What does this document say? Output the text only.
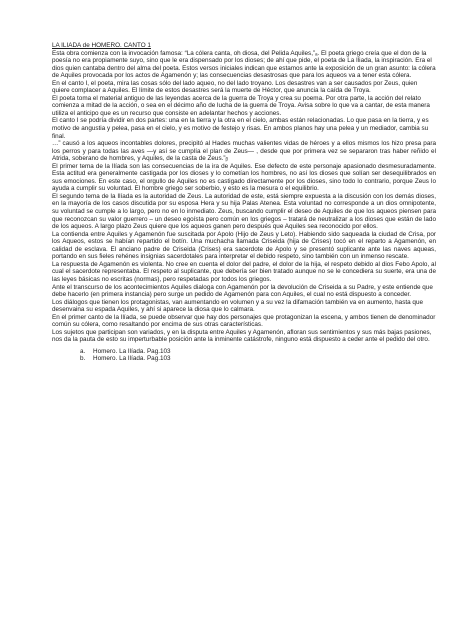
LA ILIADA de HOMERO. CANTO 1

Esta obra comienza con la invocación famosa: “La cólera canta, oh diosa, del Pelida Aquiles,”ₐ. El poeta griego creía que el don de la poesía no era propiamente suyo, sino que le era dispensado por los dioses; de ahí que pide, el poeta de La Iliada, la inspiración. Era el dios quien cantaba dentro del alma del poeta. Estos versos iniciales indican que estamos ante la exposición de un gran asunto: la cólera de Aquiles provocada por los actos de Agamenón y; las consecuencias desastrosas que para los aqueos va a tener esta cólera.

En el canto I, el poeta, mira las cosas sólo del lado aqueo, no del lado troyano. Los desastres van a ser causados por Zeus, quien quiere complacer a Aquiles. El límite de estos desastres será la muerte de Héctor, que anuncia la caída de Troya.

El poeta toma el material antiguo de las leyendas acerca de la guerra de Troya y crea su poema. Por otra parte, la acción del relato comienza a mitad de la acción, o sea en el décimo año de lucha de la guerra de Troya. Avisa sobre lo que va a cantar, de esta manera utiliza el anticipo que es un recurso que consiste en adelantar hechos y acciones.

El canto I se podría dividir en dos partes: una en la tierra y la otra en el cielo, ambas están relacionadas. Lo que pasa en la tierra, y es motivo de angustia y pelea, pasa en el cielo, y es motivo de festejo y risas. En ambos planos hay una pelea y un mediador, cambia su final.

…” causó a los aqueos incontables dolores, precipitó al Hades muchas valientes vidas de héroes y a ellos mismos los hizo presa para los perros y para todas las aves —y así se cumplía el plan de Zeus— , desde que por primera vez se separaron tras haber reñido el Atrida, soberano de hombres, y Aquiles, de la casta de Zeus.”ᵦ

El primer tema de la Ilíada son las consecuencias de la ira de Aquiles. Ese defecto de este personaje apasionado desmesuradamente. Esta actitud era generalmente castigada por los dioses y lo cometían los hombres, no así los dioses que solían ser desequilibrados en sus emociones. En este caso, el orgullo de Aquiles no es castigado directamente por los dioses, sino todo lo contrario, porque Zeus lo ayuda a cumplir su voluntad. El hombre griego ser soberbio, y esto es la mesura o el equilibrio.

El segundo tema de la Ilíada es la autoridad de Zeus. La autoridad de este, está siempre expuesta a la discusión con los demás dioses, en la mayoría de los casos discutida por su esposa Hera y su hija Palas Atenea. Esta voluntad no corresponde a un dios omnipotente, su voluntad se cumple a lo largo, pero no en lo inmediato. Zeus, buscando cumplir el deseo de Aquiles de que los aqueos piensen para que reconozcan su valor guerrero – un deseo egoísta pero común en los griegos – tratará de neutralizar a los dioses que están de lado de los aqueos. A largo plazo Zeus quiere que los aqueos ganen pero después que Aquiles sea reconocido por ellos.

La contienda entre Aquiles y Agamenón fue suscitada por Apolo (Hijo de Zeus y Leto). Habiendo sido saqueada la ciudad de Crisa, por los Aqueos, estos se habían repartido el botín. Una muchacha llamada Criseida (hija de Crises) tocó en el reparto a Agamenón, en calidad de esclava. El anciano padre de Criseida (Crises) era sacerdote de Apolo y se presentó suplicante ante las naves aqueas, portando en sus fieles rehénes insignias sacerdotales para interpretar el debido respeto, sino también con un inmenso rescate.

La respuesta de Agamenón es violenta. No cree en cuenta el dolor del padre, el dolor de la hija, el respeto debido al dios Febo Apolo, al cual el sacerdote representaba. El respeto al suplicante, que debería ser bien tratado aunque no se le concediera su suerte, era una de las leyes básicas no escritas (normas), pero respetadas por todos los griegos.

Ante el transcurso de los acontecimientos Aquiles dialoga con Agamenón por la devolución de Criseida a su Padre, y este entiende que debe hacerlo (en primera instancia) pero surge un pedido de Agamenón para con Aquiles, el cual no está dispuesto a conceder.

Los diálogos que tienen los protagonistas, van aumentando en volumen y a su vez la difamación también va en aumento, hasta que desenvaina su espada Aquiles, y ahí si aparece la diosa que lo calmara.

En el primer canto de la Ilíada, se puede observar que hay dos personajes que protagonizan la escena, y ambos tienen de denominador común su cólera, como resaltando por encima de sus otras características.

Los sujetos que participan son variados, y en la disputa entre Aquiles y Agamenón, afloran sus sentimientos y sus más bajas pasiones, nos da la pauta de esto su imperturbable posición ante la inminente catástrofe, ninguno está dispuesto a ceder ante el pedido del otro.

a.	Homero. La Ilíada. Pag.103
b.	Homero. La Ilíada. Pag.103
